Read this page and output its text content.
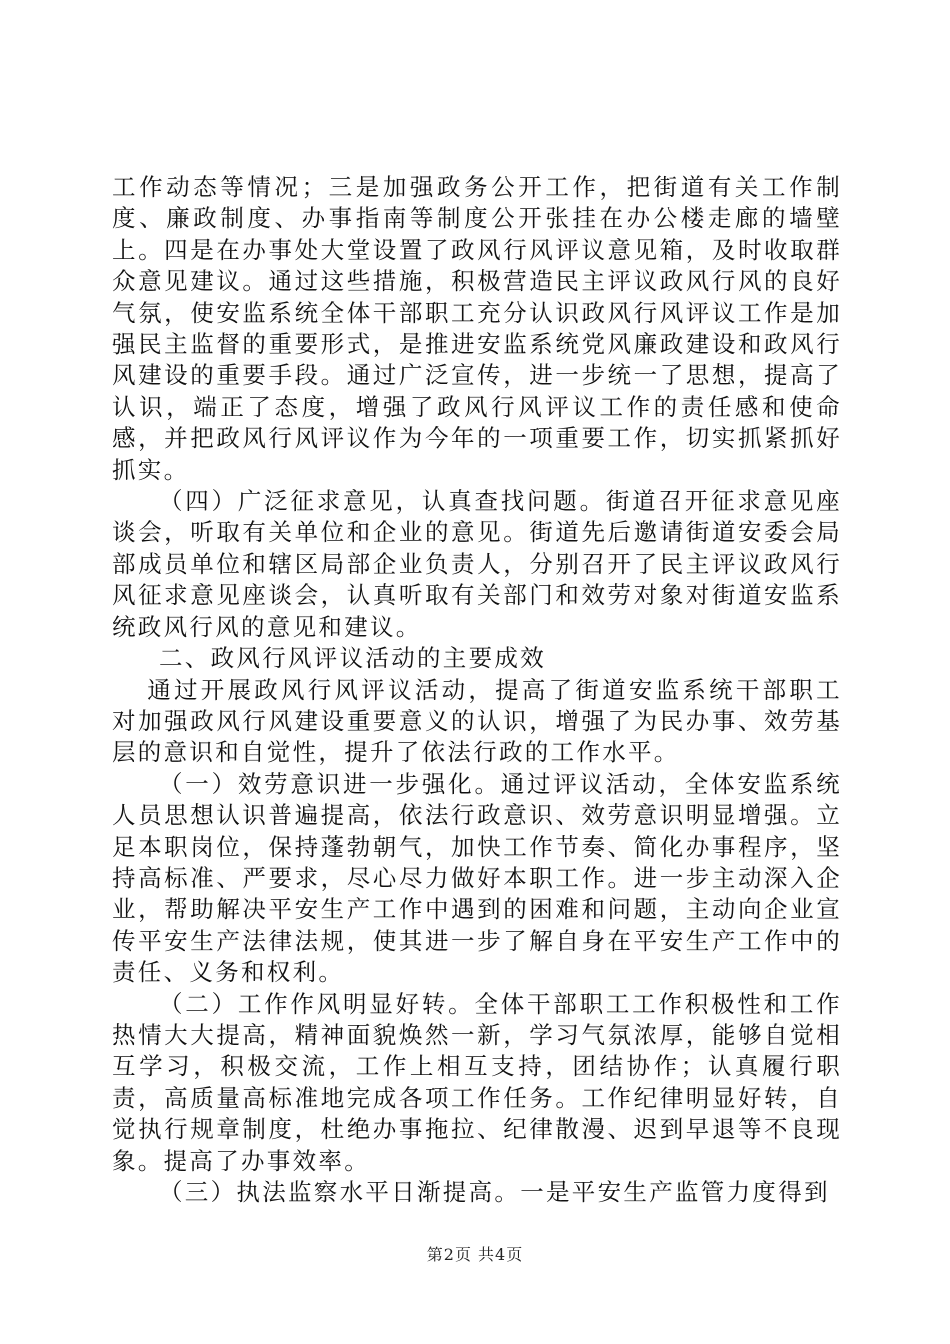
工作动态等情况；三是加强政务公开工作，把街道有关工作制度、廉政制度、办事指南等制度公开张挂在办公楼走廊的墙壁上。四是在办事处大堂设置了政风行风评议意见箱，及时收取群众意见建议。通过这些措施，积极营造民主评议政风行风的良好气氛，使安监系统全体干部职工充分认识政风行风评议工作是加强民主监督的重要形式，是推进安监系统党风廉政建设和政风行风建设的重要手段。通过广泛宣传，进一步统一了思想，提高了认识，端正了态度，增强了政风行风评议工作的责任感和使命感，并把政风行风评议作为今年的一项重要工作，切实抓紧抓好抓实。

（四）广泛征求意见，认真查找问题。街道召开征求意见座谈会，听取有关单位和企业的意见。街道先后邀请街道安委会局部成员单位和辖区局部企业负责人，分别召开了民主评议政风行风征求意见座谈会，认真听取有关部门和效劳对象对街道安监系统政风行风的意见和建议。

二、政风行风评议活动的主要成效

通过开展政风行风评议活动，提高了街道安监系统干部职工对加强政风行风建设重要意义的认识，增强了为民办事、效劳基层的意识和自觉性，提升了依法行政的工作水平。

（一）效劳意识进一步强化。通过评议活动，全体安监系统人员思想认识普遍提高，依法行政意识、效劳意识明显增强。立足本职岗位，保持蓬勃朝气，加快工作节奏、简化办事程序，坚持高标准、严要求，尽心尽力做好本职工作。进一步主动深入企业，帮助解决平安生产工作中遇到的困难和问题，主动向企业宣传平安生产法律法规，使其进一步了解自身在平安生产工作中的责任、义务和权利。

（二）工作作风明显好转。全体干部职工工作积极性和工作热情大大提高，精神面貌焕然一新，学习气氛浓厚，能够自觉相互学习，积极交流，工作上相互支持，团结协作；认真履行职责，高质量高标准地完成各项工作任务。工作纪律明显好转，自觉执行规章制度，杜绝办事拖拉、纪律散漫、迟到早退等不良现象。提高了办事效率。

（三）执法监察水平日渐提高。一是平安生产监管力度得到

第2页 共4页
